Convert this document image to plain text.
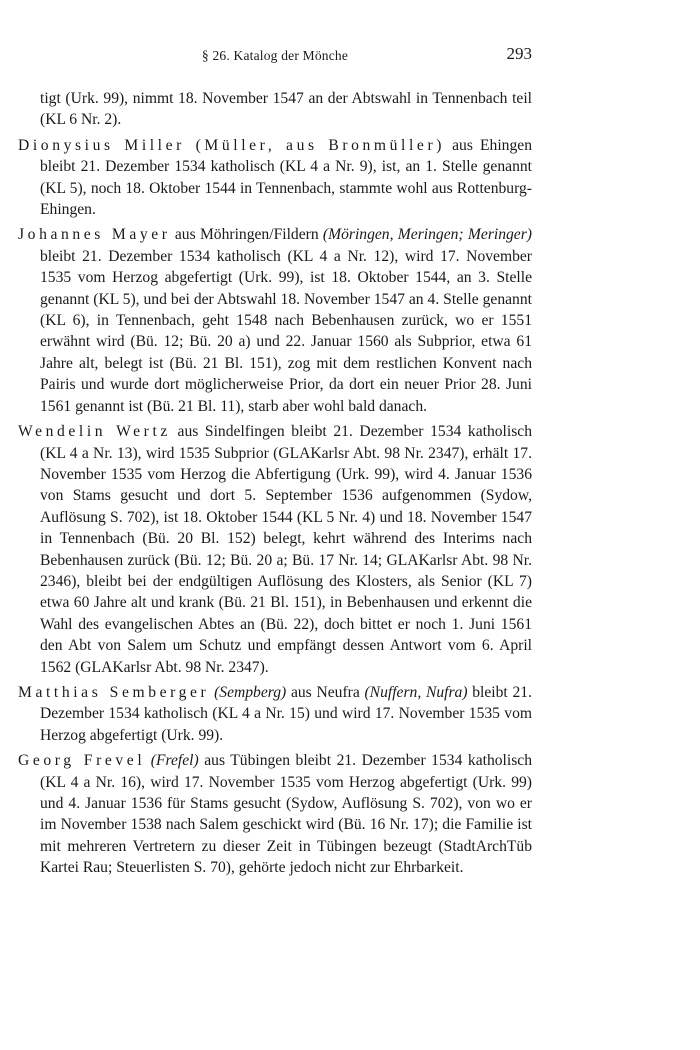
§ 26. Katalog der Mönche	293

tigt (Urk. 99), nimmt 18. November 1547 an der Abtswahl in Tennenbach teil (KL 6 Nr. 2).

Dionysius Miller (Müller, aus Bronmüller) aus Ehingen bleibt 21. Dezember 1534 katholisch (KL 4 a Nr. 9), ist, an 1. Stelle genannt (KL 5), noch 18. Oktober 1544 in Tennenbach, stammte wohl aus Rottenburg-Ehingen.

Johannes Mayer aus Möhringen/Fildern (Möringen, Meringen; Meringer) bleibt 21. Dezember 1534 katholisch (KL 4 a Nr. 12), wird 17. November 1535 vom Herzog abgefertigt (Urk. 99), ist 18. Oktober 1544, an 3. Stelle genannt (KL 5), und bei der Abtswahl 18. November 1547 an 4. Stelle genannt (KL 6), in Tennenbach, geht 1548 nach Bebenhausen zurück, wo er 1551 erwähnt wird (Bü. 12; Bü. 20 a) und 22. Januar 1560 als Subprior, etwa 61 Jahre alt, belegt ist (Bü. 21 Bl. 151), zog mit dem restlichen Konvent nach Pairis und wurde dort möglicherweise Prior, da dort ein neuer Prior 28. Juni 1561 genannt ist (Bü. 21 Bl. 11), starb aber wohl bald danach.

Wendelin Wertz aus Sindelfingen bleibt 21. Dezember 1534 katholisch (KL 4 a Nr. 13), wird 1535 Subprior (GLAKarlsr Abt. 98 Nr. 2347), erhält 17. November 1535 vom Herzog die Abfertigung (Urk. 99), wird 4. Januar 1536 von Stams gesucht und dort 5. September 1536 aufgenommen (Sydow, Auflösung S. 702), ist 18. Oktober 1544 (KL 5 Nr. 4) und 18. November 1547 in Tennenbach (Bü. 20 Bl. 152) belegt, kehrt während des Interims nach Bebenhausen zurück (Bü. 12; Bü. 20 a; Bü. 17 Nr. 14; GLAKarlsr Abt. 98 Nr. 2346), bleibt bei der endgültigen Auflösung des Klosters, als Senior (KL 7) etwa 60 Jahre alt und krank (Bü. 21 Bl. 151), in Bebenhausen und erkennt die Wahl des evangelischen Abtes an (Bü. 22), doch bittet er noch 1. Juni 1561 den Abt von Salem um Schutz und empfängt dessen Antwort vom 6. April 1562 (GLAKarlsr Abt. 98 Nr. 2347).

Matthias Semberger (Sempberg) aus Neufra (Nuffern, Nufra) bleibt 21. Dezember 1534 katholisch (KL 4 a Nr. 15) und wird 17. November 1535 vom Herzog abgefertigt (Urk. 99).

Georg Frevel (Frefel) aus Tübingen bleibt 21. Dezember 1534 katholisch (KL 4 a Nr. 16), wird 17. November 1535 vom Herzog abgefertigt (Urk. 99) und 4. Januar 1536 für Stams gesucht (Sydow, Auflösung S. 702), von wo er im November 1538 nach Salem geschickt wird (Bü. 16 Nr. 17); die Familie ist mit mehreren Vertretern zu dieser Zeit in Tübingen bezeugt (StadtArchTüb Kartei Rau; Steuerlisten S. 70), gehörte jedoch nicht zur Ehrbarkeit.
